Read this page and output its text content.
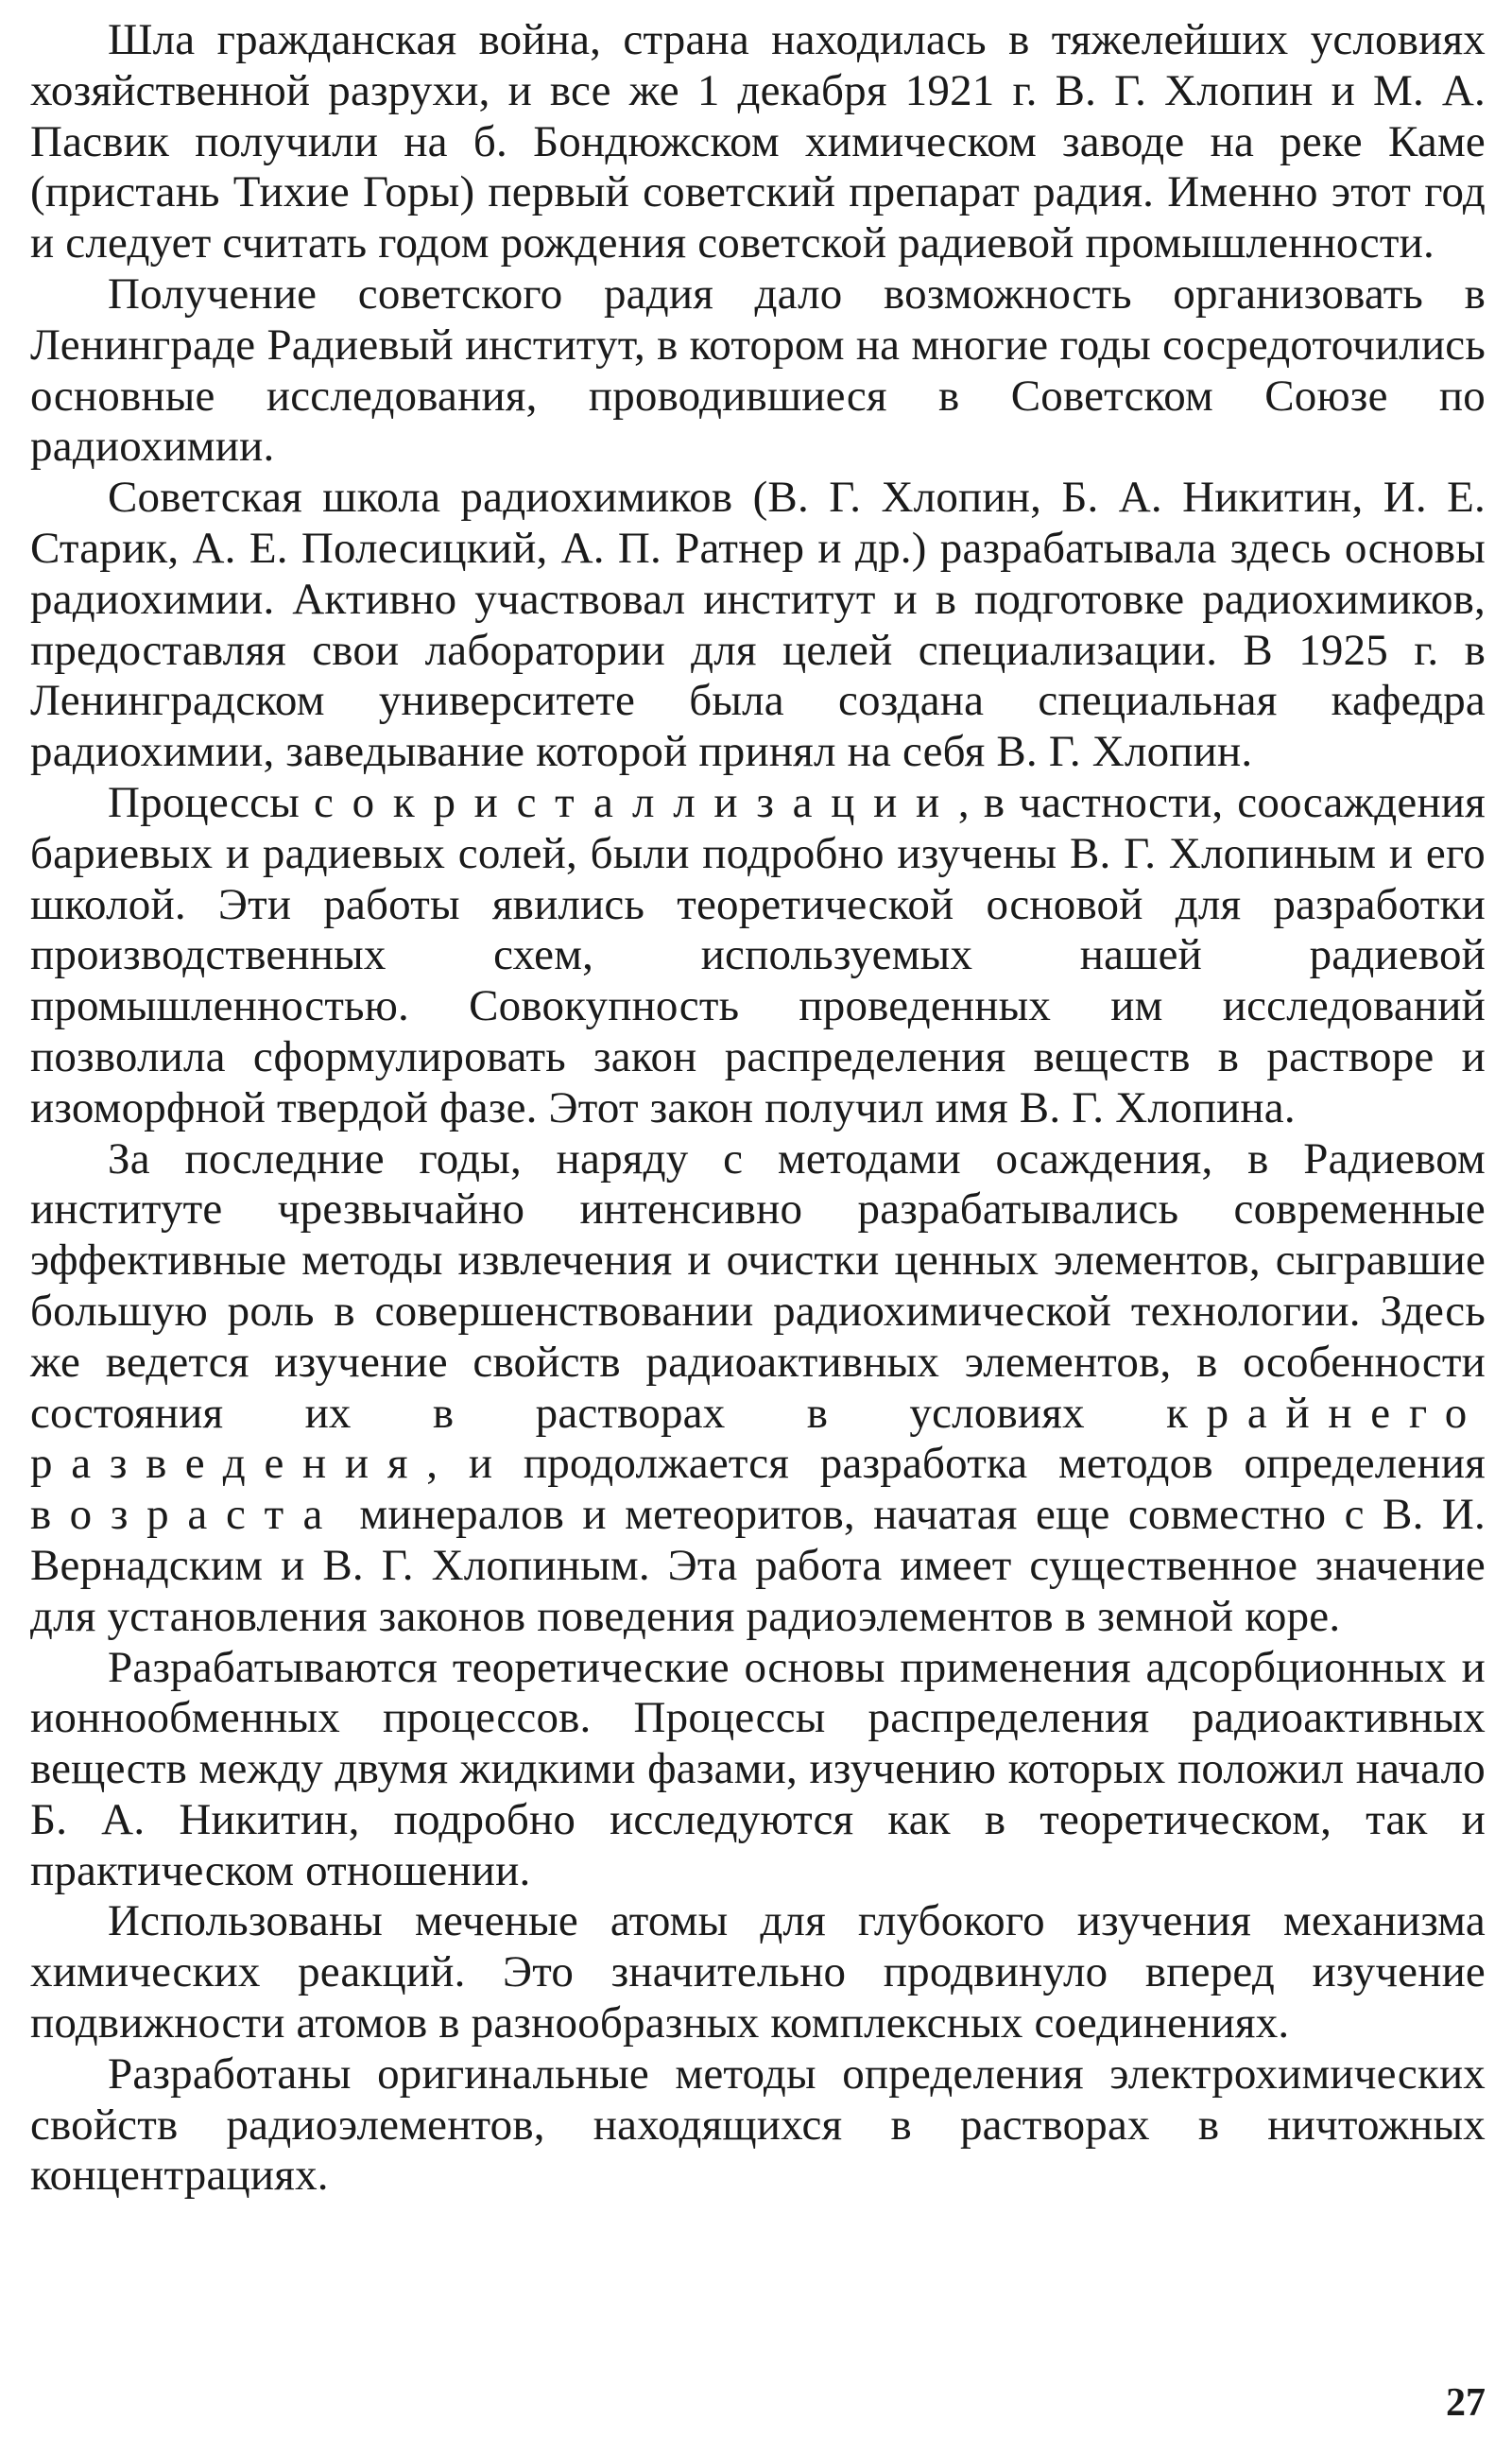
Шла гражданская война, страна находилась в тяжелейших условиях хозяйственной разрухи, и все же 1 декабря 1921 г. В. Г. Хлопин и М. А. Пасвик получили на б. Бондюжском химическом заводе на реке Каме (пристань Тихие Горы) первый советский препарат радия. Именно этот год и следует считать годом рождения советской радиевой промышленности.

Получение советского радия дало возможность организовать в Ленинграде Радиевый институт, в котором на многие годы сосредоточились основные исследования, проводившиеся в Советском Союзе по радиохимии.

Советская школа радиохимиков (В. Г. Хлопин, Б. А. Никитин, И. Е. Старик, А. Е. Полесицкий, А. П. Ратнер и др.) разрабатывала здесь основы радиохимии. Активно участвовал институт и в подготовке радиохимиков, предоставляя свои лаборатории для целей специализации. В 1925 г. в Ленинградском университете была создана специальная кафедра радиохимии, заведывание которой принял на себя В. Г. Хлопин.

Процессы сокристаллизации, в частности, соосаждения бариевых и радиевых солей, были подробно изучены В. Г. Хлопиным и его школой. Эти работы явились теоретической основой для разработки производственных схем, используемых нашей радиевой промышленностью. Совокупность проведенных им исследований позволила сформулировать закон распределения веществ в растворе и изоморфной твердой фазе. Этот закон получил имя В. Г. Хлопина.

За последние годы, наряду с методами осаждения, в Радиевом институте чрезвычайно интенсивно разрабатывались современные эффективные методы извлечения и очистки ценных элементов, сыгравшие большую роль в совершенствовании радиохимической технологии. Здесь же ведется изучение свойств радиоактивных элементов, в особенности состояния их в растворах в условиях крайнего разведения, и продолжается разработка методов определения возраста минералов и метеоритов, начатая еще совместно с В. И. Вернадским и В. Г. Хлопиным. Эта работа имеет существенное значение для установления законов поведения радиоэлементов в земной коре.

Разрабатываются теоретические основы применения адсорбционных и ионнообменных процессов. Процессы распределения радиоактивных веществ между двумя жидкими фазами, изучению которых положил начало Б. А. Никитин, подробно исследуются как в теоретическом, так и практическом отношении.

Использованы меченые атомы для глубокого изучения механизма химических реакций. Это значительно продвинуло вперед изучение подвижности атомов в разнообразных комплексных соединениях.

Разработаны оригинальные методы определения электрохимических свойств радиоэлементов, находящихся в растворах в ничтожных концентрациях.

27
